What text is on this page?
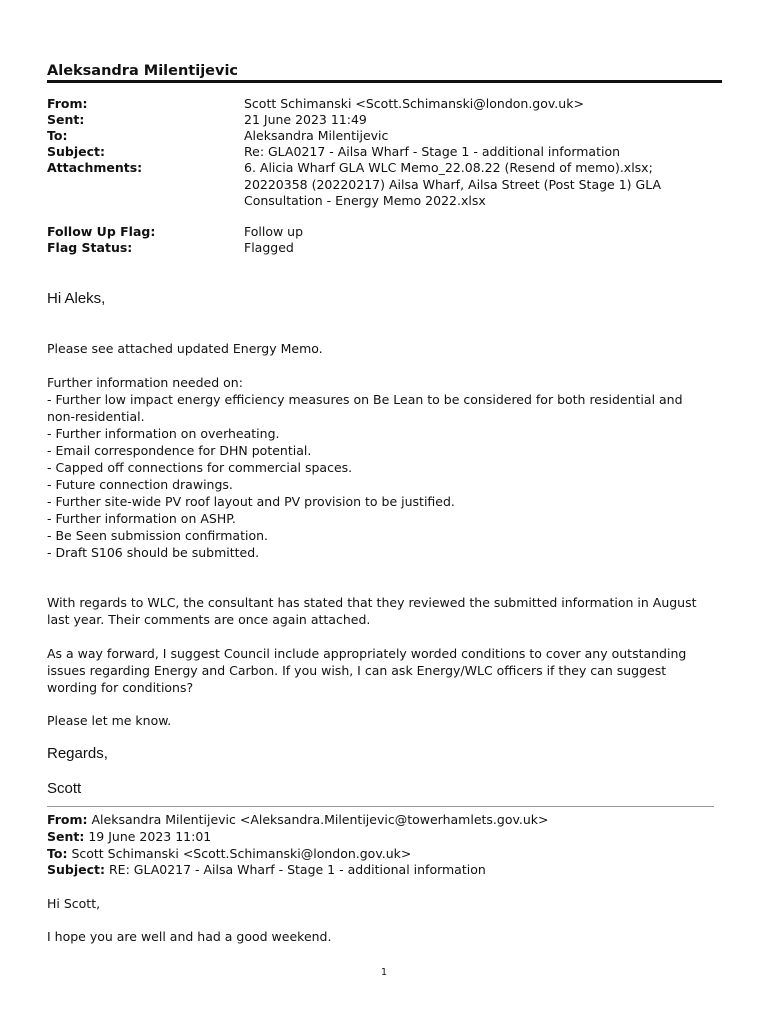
Aleksandra Milentijevic
From:	Scott Schimanski <Scott.Schimanski@london.gov.uk>
Sent:	21 June 2023 11:49
To:	Aleksandra Milentijevic
Subject:	Re: GLA0217 - Ailsa Wharf - Stage 1 - additional information
Attachments:	6. Alicia Wharf GLA WLC Memo_22.08.22 (Resend of memo).xlsx; 20220358 (20220217) Ailsa Wharf, Ailsa Street (Post Stage 1) GLA Consultation - Energy Memo 2022.xlsx
Follow Up Flag:	Follow up
Flag Status:	Flagged
Hi Aleks,
Please see attached updated Energy Memo.
Further information needed on:
- Further low impact energy efficiency measures on Be Lean to be considered for both residential and non-residential.
- Further information on overheating.
- Email correspondence for DHN potential.
- Capped off connections for commercial spaces.
- Future connection drawings.
- Further site-wide PV roof layout and PV provision to be justified.
- Further information on ASHP.
- Be Seen submission confirmation.
- Draft S106 should be submitted.
With regards to WLC, the consultant has stated that they reviewed the submitted information in August last year. Their comments are once again attached.
As a way forward, I suggest Council include appropriately worded conditions to cover any outstanding issues regarding Energy and Carbon. If you wish, I can ask Energy/WLC officers if they can suggest wording for conditions?
Please let me know.
Regards,
Scott
From: Aleksandra Milentijevic <Aleksandra.Milentijevic@towerhamlets.gov.uk>
Sent: 19 June 2023 11:01
To: Scott Schimanski <Scott.Schimanski@london.gov.uk>
Subject: RE: GLA0217 - Ailsa Wharf - Stage 1 - additional information
Hi Scott,
I hope you are well and had a good weekend.
1
